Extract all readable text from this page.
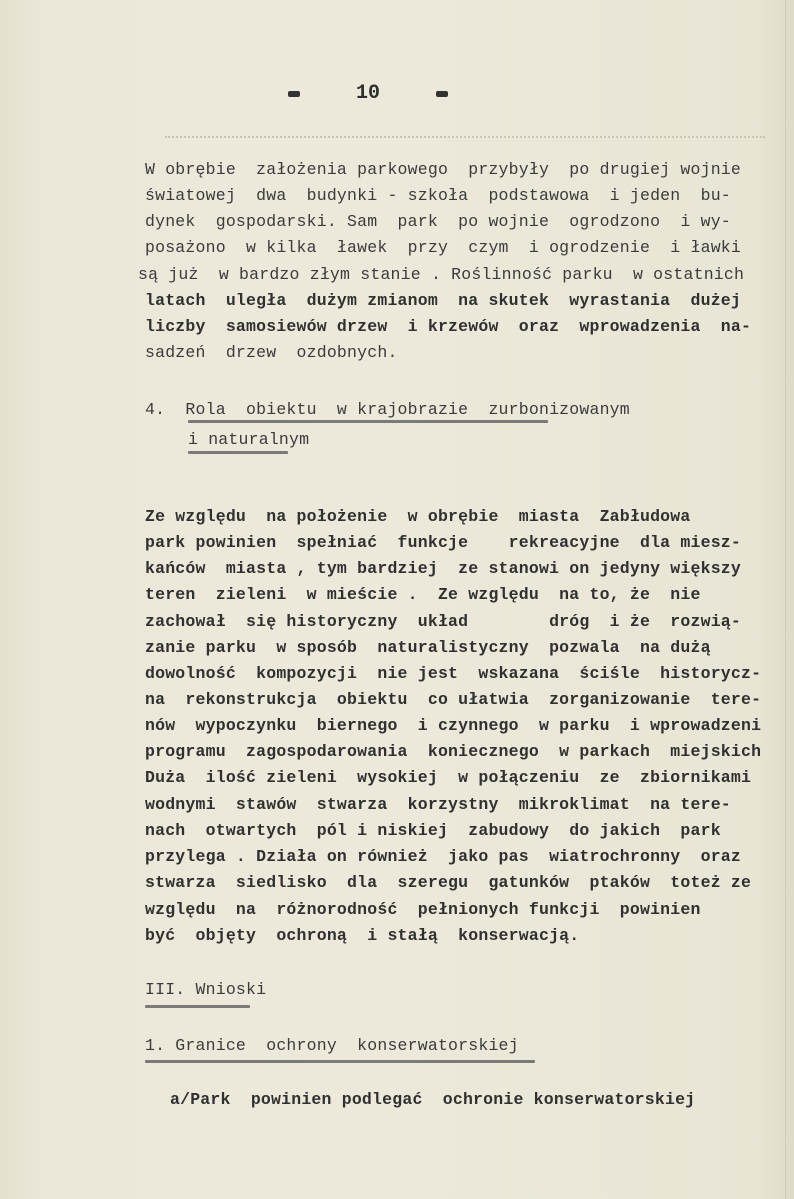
10
W obrębie  założenia parkowego  przybyły  po drugiej wojnie
światowej  dwa  budynki - szkoła  podstawowa  i jeden  bu-
dynek  gospodarski. Sam  park  po wojnie  ogrodzono  i wy-
posażono  w kilka  ławek  przy  czym  i ogrodzenie  i ławki
są już  w bardzo złym stanie . Roślinność parku  w ostatnich
latach  uległa  dużym zmianom  na skutek  wyrastania  dużej
liczby  samosiewów drzew  i krzewów  oraz  wprowadzenia  na-
sadzeń  drzew  ozdobnych.
4.  Rola  obiektu  w krajobrazie  zurbonizowanym
i naturalnym
Ze względu  na położenie  w obrębie  miasta  Zabłudowa
park powinien  spełniać  funkcje    rekreacyjne  dla miesz-
kańców  miasta , tym bardziej  ze stanowi on jedyny większy
teren  zieleni  w mieście .  Ze względu  na to, że  nie
zachował  się historyczny  układ        dróg  i że  rozwią-
zanie parku  w sposób  naturalistyczny  pozwala  na dużą
dowolność  kompozycji  nie jest  wskazana  ściśle  historycz-
na  rekonstrukcja  obiektu  co ułatwia  zorganizowanie  tere-
nów  wypoczynku  biernego  i czynnego  w parku  i wprowadzeni
programu  zagospodarowania  koniecznego  w parkach  miejskich
Duża  ilość zieleni  wysokiej  w połączeniu  ze  zbiornikami
wodnymi  stawów  stwarza  korzystny  mikroklimat  na tere-
nach  otwartych  pól i niskiej  zabudowy  do jakich  park
przylega . Działa on również  jako pas  wiatrochronny  oraz
stwarza  siedlisko  dla  szeregu  gatunków  ptaków  toteż ze
względu  na  różnorodność  pełnionych funkcji  powinien
być  objęty  ochroną  i stałą  konserwacją.
III. Wnioski
1. Granice  ochrony  konserwatorskiej
a/Park  powinien podlegać  ochronie konserwatorskiej
